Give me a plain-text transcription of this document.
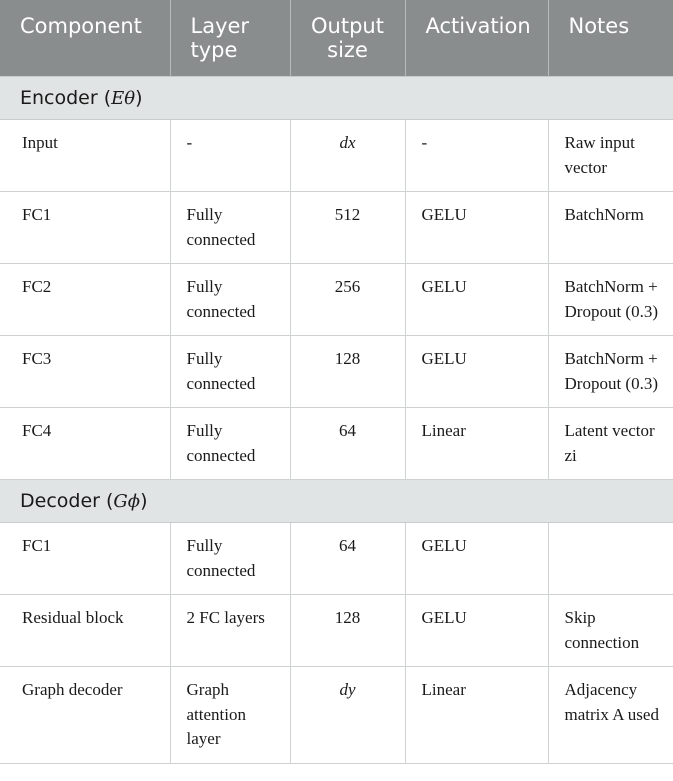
Component	Layer type	Output size	Activation	Notes
Encoder (Eθ)				
Input	-	dx	-	Raw input vector
FC1	Fully connected	512	GELU	BatchNorm
FC2	Fully connected	256	GELU	BatchNorm + Dropout (0.3)
FC3	Fully connected	128	GELU	BatchNorm + Dropout (0.3)
FC4	Fully connected	64	Linear	Latent vector zi
Decoder (Gϕ)				
FC1	Fully connected	64	GELU	
Residual block	2 FC layers	128	GELU	Skip connection
Graph decoder	Graph attention layer	dy	Linear	Adjacency matrix A used
